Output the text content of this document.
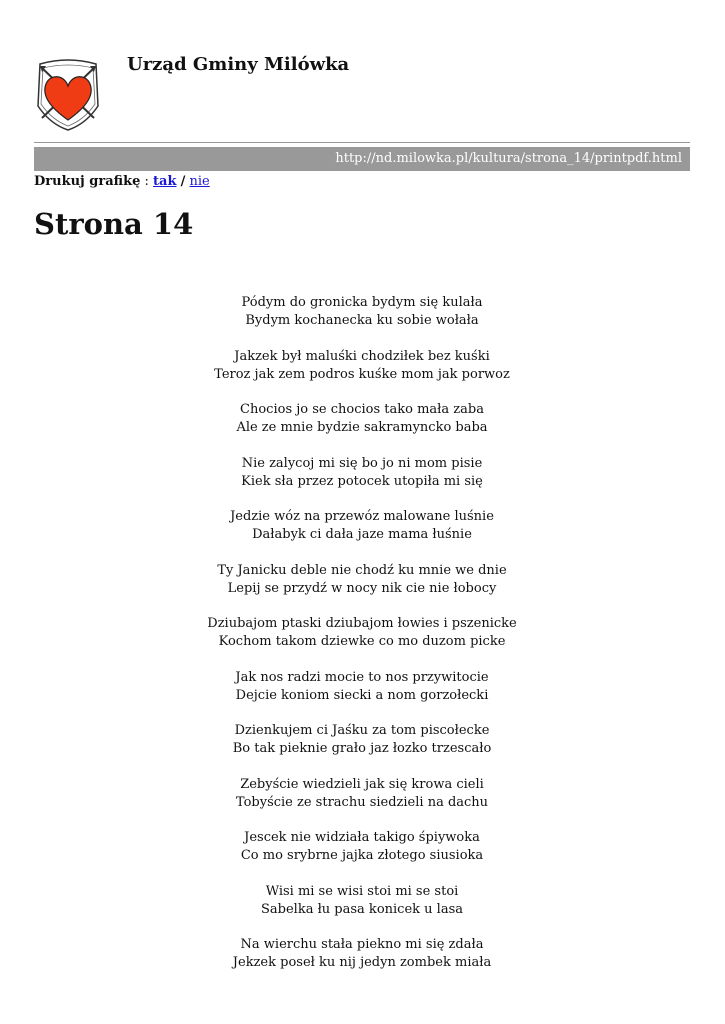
Urząd Gminy Milówka
http://nd.milowka.pl/kultura/strona_14/printpdf.html
Drukuj grafikę : tak / nie
Strona 14
Pódym do gronicka bydym się kulała
Bydym kochanecka ku sobie wołała
Jakzek był maluśki chodziłek bez kuśki
Teroz jak zem podros kuśke mom jak porwoz
Chocios jo se chocios tako mała zaba
Ale ze mnie bydzie sakramyncko baba
Nie zalycoj mi się bo jo ni mom pisie
Kiek sła przez potocek utopiła mi się
Jedzie wóz na przewóz malowane luśnie
Dałabyk ci dała jaze mama łuśnie
Ty Janicku deble nie chodź ku mnie we dnie
Lepij se przydź w nocy nik cie nie łobocy
Dziubajom ptaski dziubajom łowies i pszenicke
Kochom takom dziewke co mo duzom picke
Jak nos radzi mocie to nos przywitocie
Dejcie koniom siecki a nom gorzołecki
Dzienkujem ci Jaśku za tom piscołecke
Bo tak pieknie grało jaz łozko trzescało
Zebyście wiedzieli jak się krowa cieli
Tobyście ze strachu siedzieli na dachu
Jescek nie widziała takigo śpiywoka
Co mo srybrne jajka złotego siusioka
Wisi mi se wisi stoi mi se stoi
Sabelka łu pasa konicek u lasa
Na wierchu stała piekno mi się zdała
Jekzek poseł ku nij jedyn zombek miała
